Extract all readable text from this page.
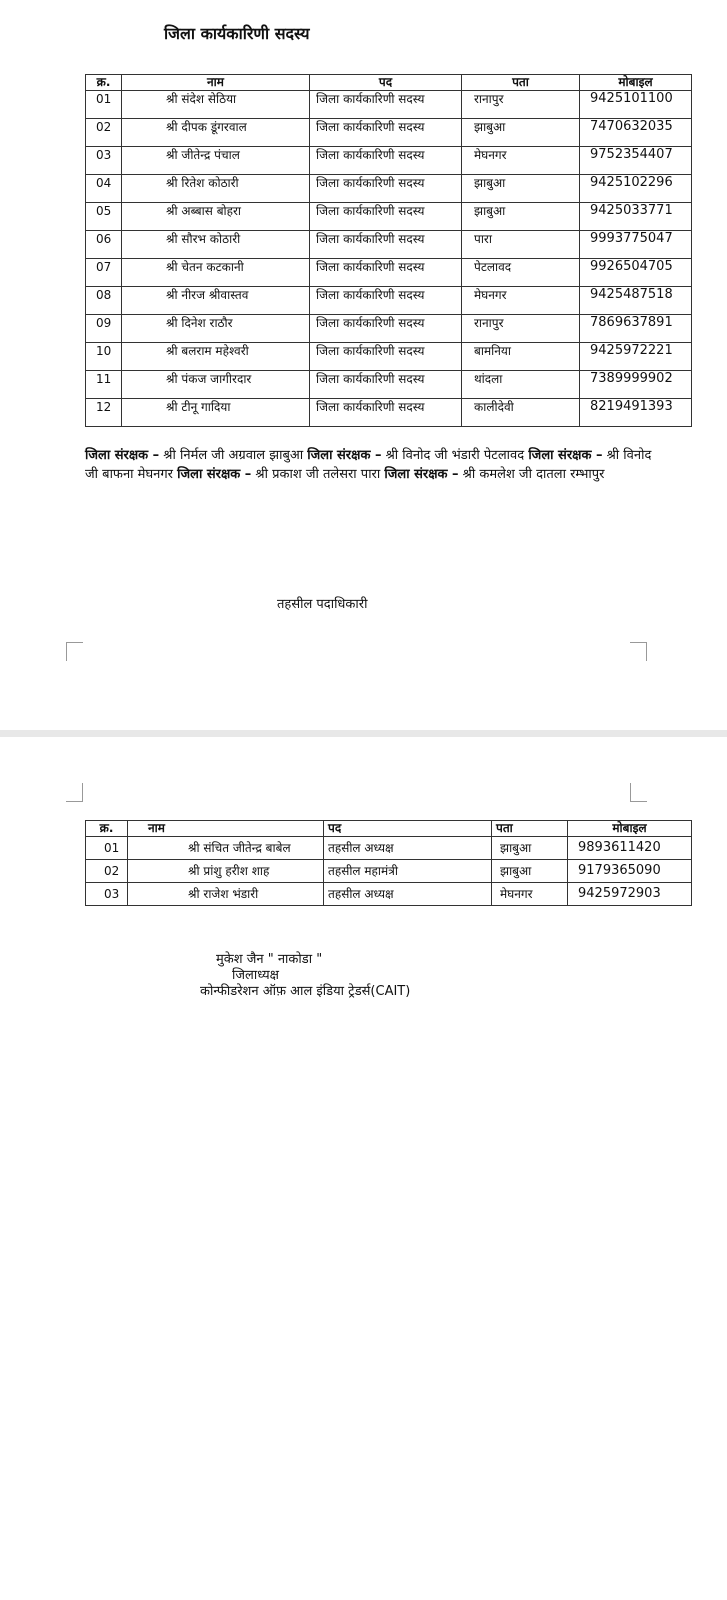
जिला कार्यकारिणी सदस्य
क्र.	नाम	पद	पता	मोबाइल
01	श्री संदेश सेठिया	जिला कार्यकारिणी सदस्य	रानापुर	9425101100
02	श्री दीपक डूंगरवाल	जिला कार्यकारिणी सदस्य	झाबुआ	7470632035
03	श्री जीतेन्द्र पंचाल	जिला कार्यकारिणी सदस्य	मेघनगर	9752354407
04	श्री रितेश कोठारी	जिला कार्यकारिणी सदस्य	झाबुआ	9425102296
05	श्री अब्बास बोहरा	जिला कार्यकारिणी सदस्य	झाबुआ	9425033771
06	श्री सौरभ कोठारी	जिला कार्यकारिणी सदस्य	पारा	9993775047
07	श्री चेतन कटकानी	जिला कार्यकारिणी सदस्य	पेटलावद	9926504705
08	श्री नीरज श्रीवास्तव	जिला कार्यकारिणी सदस्य	मेघनगर	9425487518
09	श्री दिनेश राठौर	जिला कार्यकारिणी सदस्य	रानापुर	7869637891
10	श्री बलराम महेश्वरी	जिला कार्यकारिणी सदस्य	बामनिया	9425972221
11	श्री पंकज जागीरदार	जिला कार्यकारिणी सदस्य	थांदला	7389999902
12	श्री टीनू गादिया	जिला कार्यकारिणी सदस्य	कालीदेवी	8219491393
जिला संरक्षक – श्री निर्मल जी अग्रवाल झाबुआ जिला संरक्षक – श्री विनोद जी भंडारी पेटलावद जिला संरक्षक – श्री विनोद जी बाफना मेघनगर जिला संरक्षक – श्री प्रकाश जी तलेसरा पारा जिला संरक्षक – श्री कमलेश जी दातला रम्भापुर
तहसील पदाधिकारी
क्र.	नाम	पद	पता	मोबाइल
01	श्री संचित जीतेन्द्र बाबेल	तहसील अध्यक्ष	झाबुआ	9893611420
02	श्री प्रांशु हरीश शाह	तहसील महामंत्री	झाबुआ	9179365090
03	श्री राजेश भंडारी	तहसील अध्यक्ष	मेघनगर	9425972903
मुकेश जैन " नाकोडा "
जिलाध्यक्ष
कोन्फीडरेशन ऑफ़ आल इंडिया ट्रेडर्स(CAIT)
